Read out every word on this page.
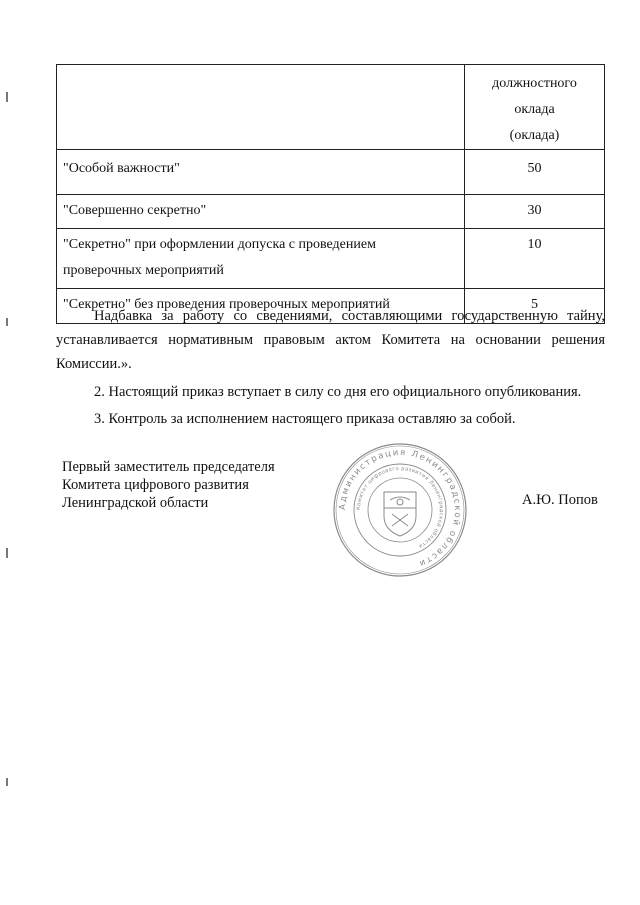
	должностного оклада
(оклада)

"Особой важности"	50
"Совершенно секретно"	30
"Секретно" при оформлении допуска с проведением проверочных мероприятий	10
"Секретно" без проведения проверочных мероприятий	5

Надбавка за работу со сведениями, составляющими государственную тайну, устанавливается нормативным правовым актом Комитета на основании решения Комиссии.».

2. Настоящий приказ вступает в силу со дня его официального опубликования.

3. Контроль за исполнением настоящего приказа оставляю за собой.

Первый заместитель председателя
Комитета цифрового развития
Ленинградской области	Администрация Ленинградской области
Комитет цифрового развития Ленинградской области
А.Ю. Попов
